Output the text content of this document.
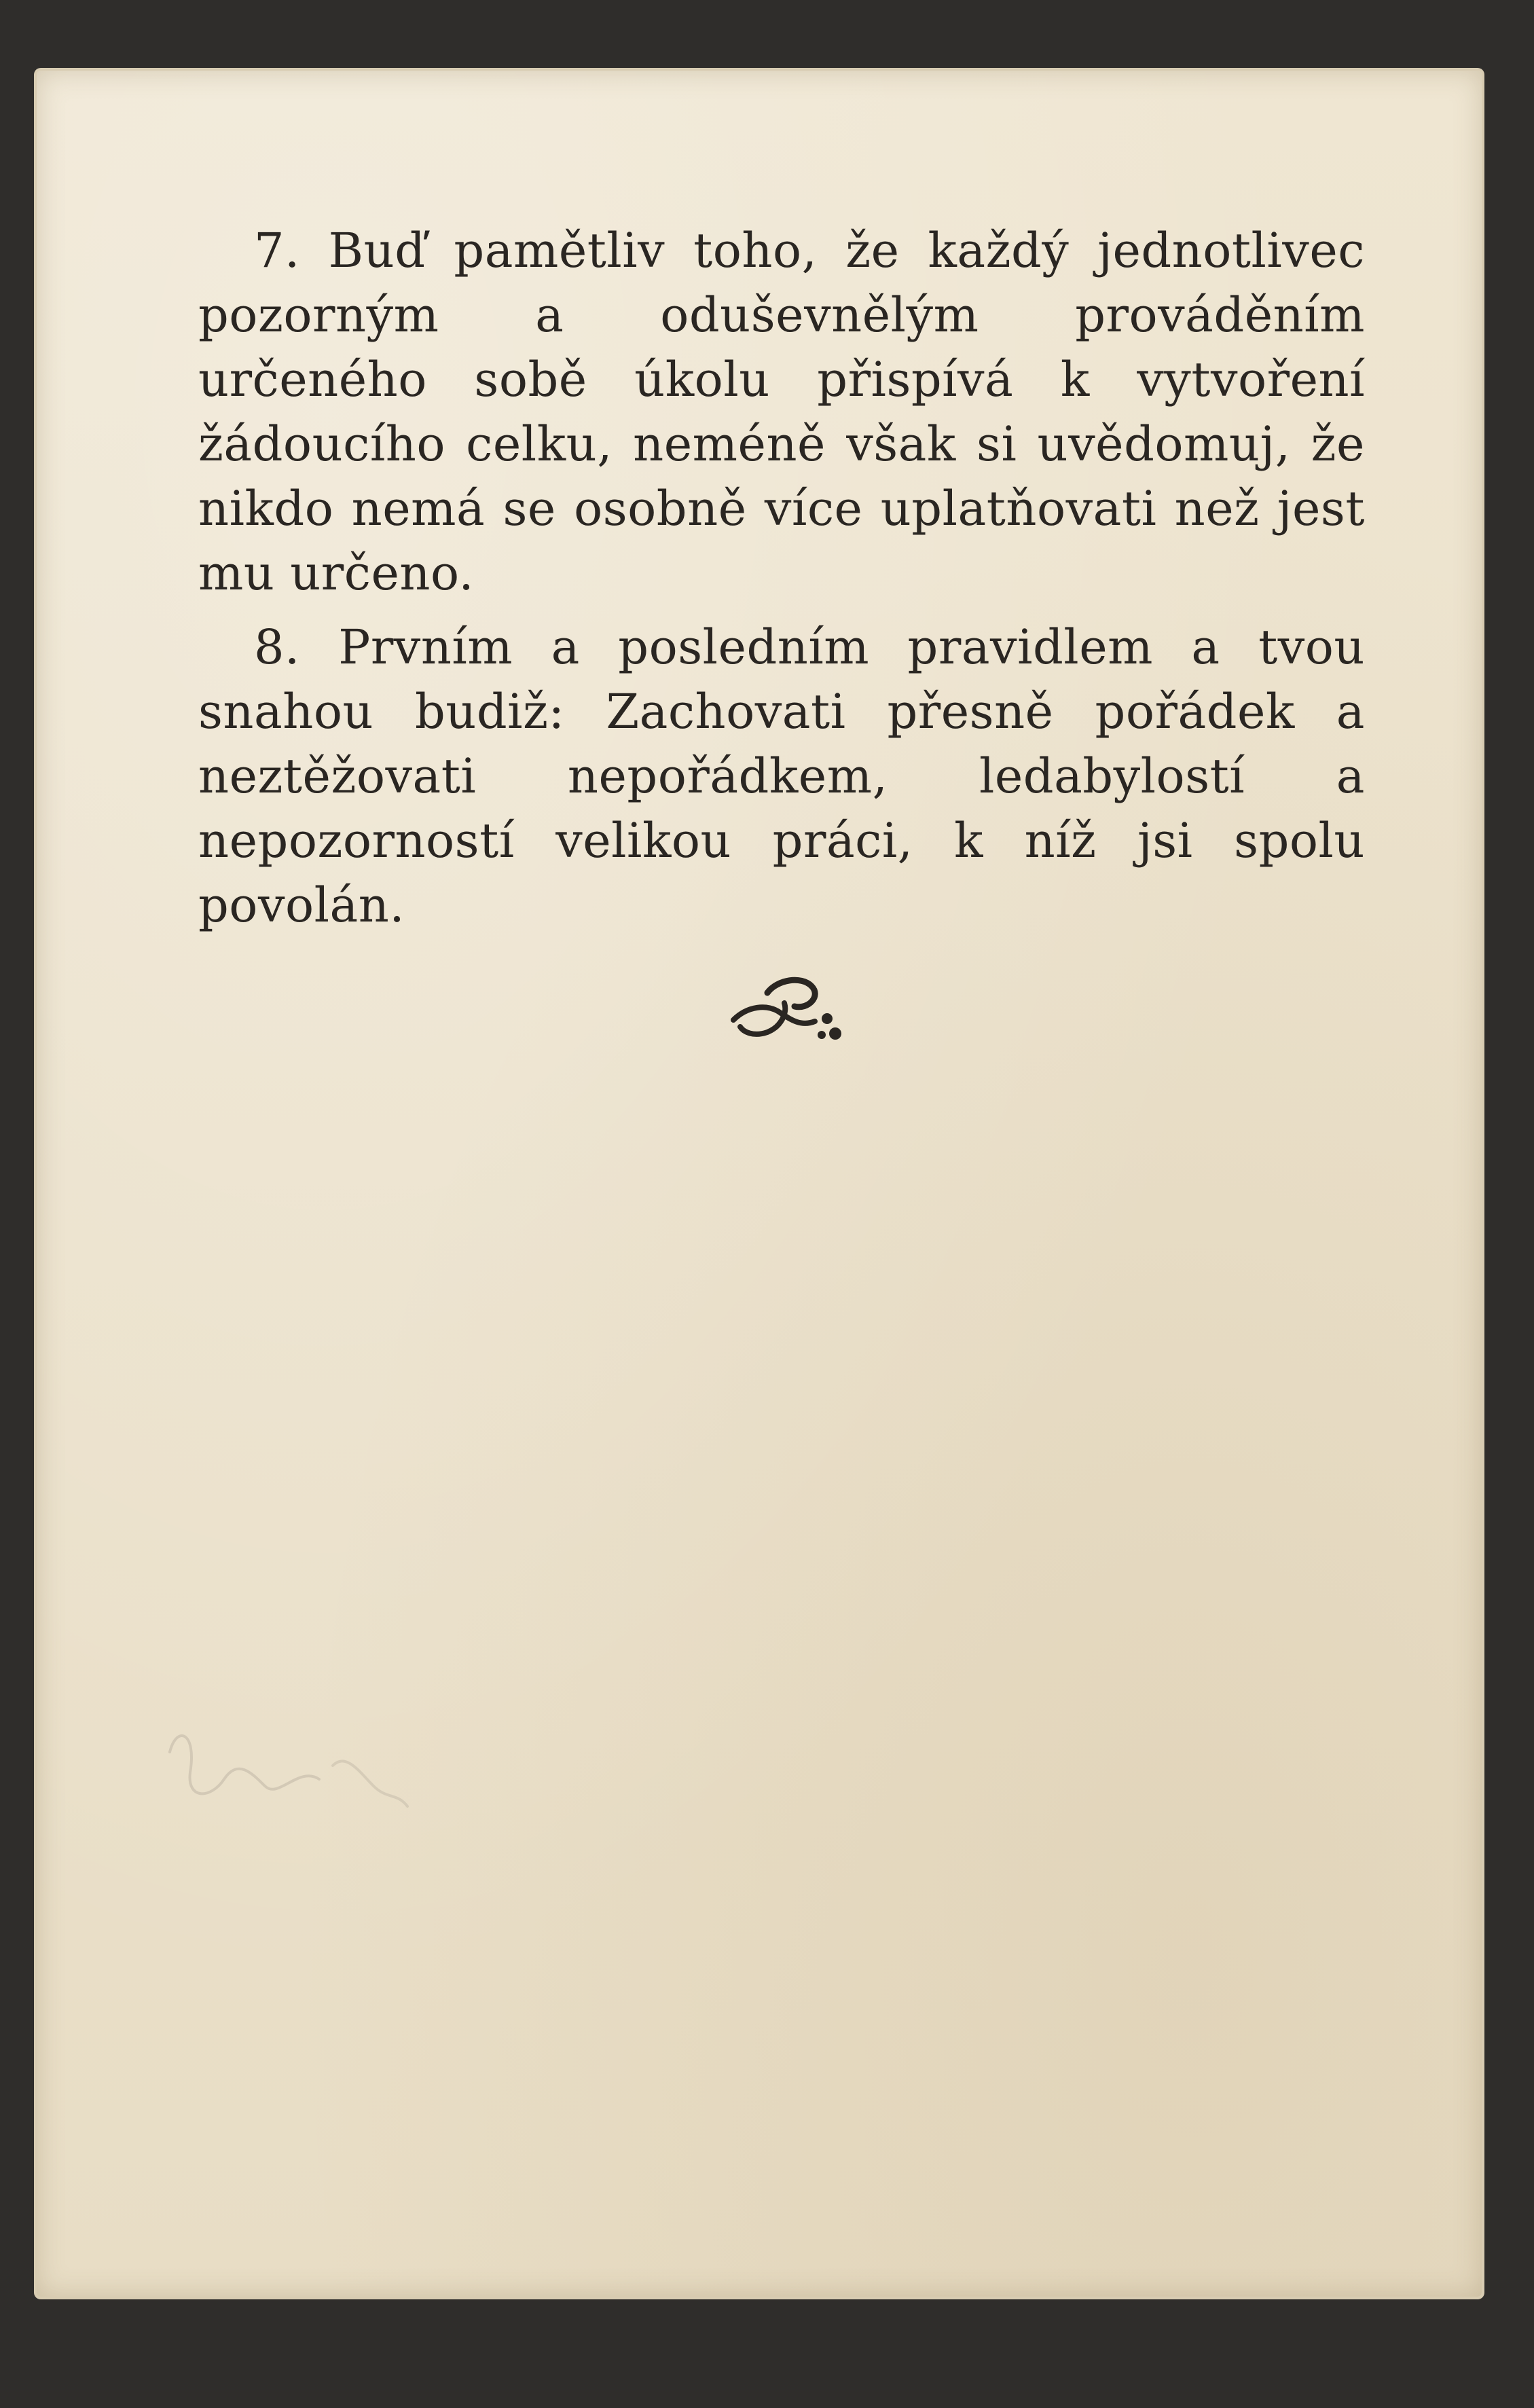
7. Buď pamětliv toho, že každý jednotlivec pozorným a oduševnělým prováděním určeného sobě úkolu přispívá k vytvoření žádoucího celku, neméně však si uvědomuj, že nikdo nemá se osobně více uplatňovati než jest mu určeno.

8. Prvním a posledním pravidlem a tvou snahou budiž: Zachovati přesně pořádek a neztěžovati nepořádkem, ledabylostí a nepozorností velikou práci, k níž jsi spolu povolán.
